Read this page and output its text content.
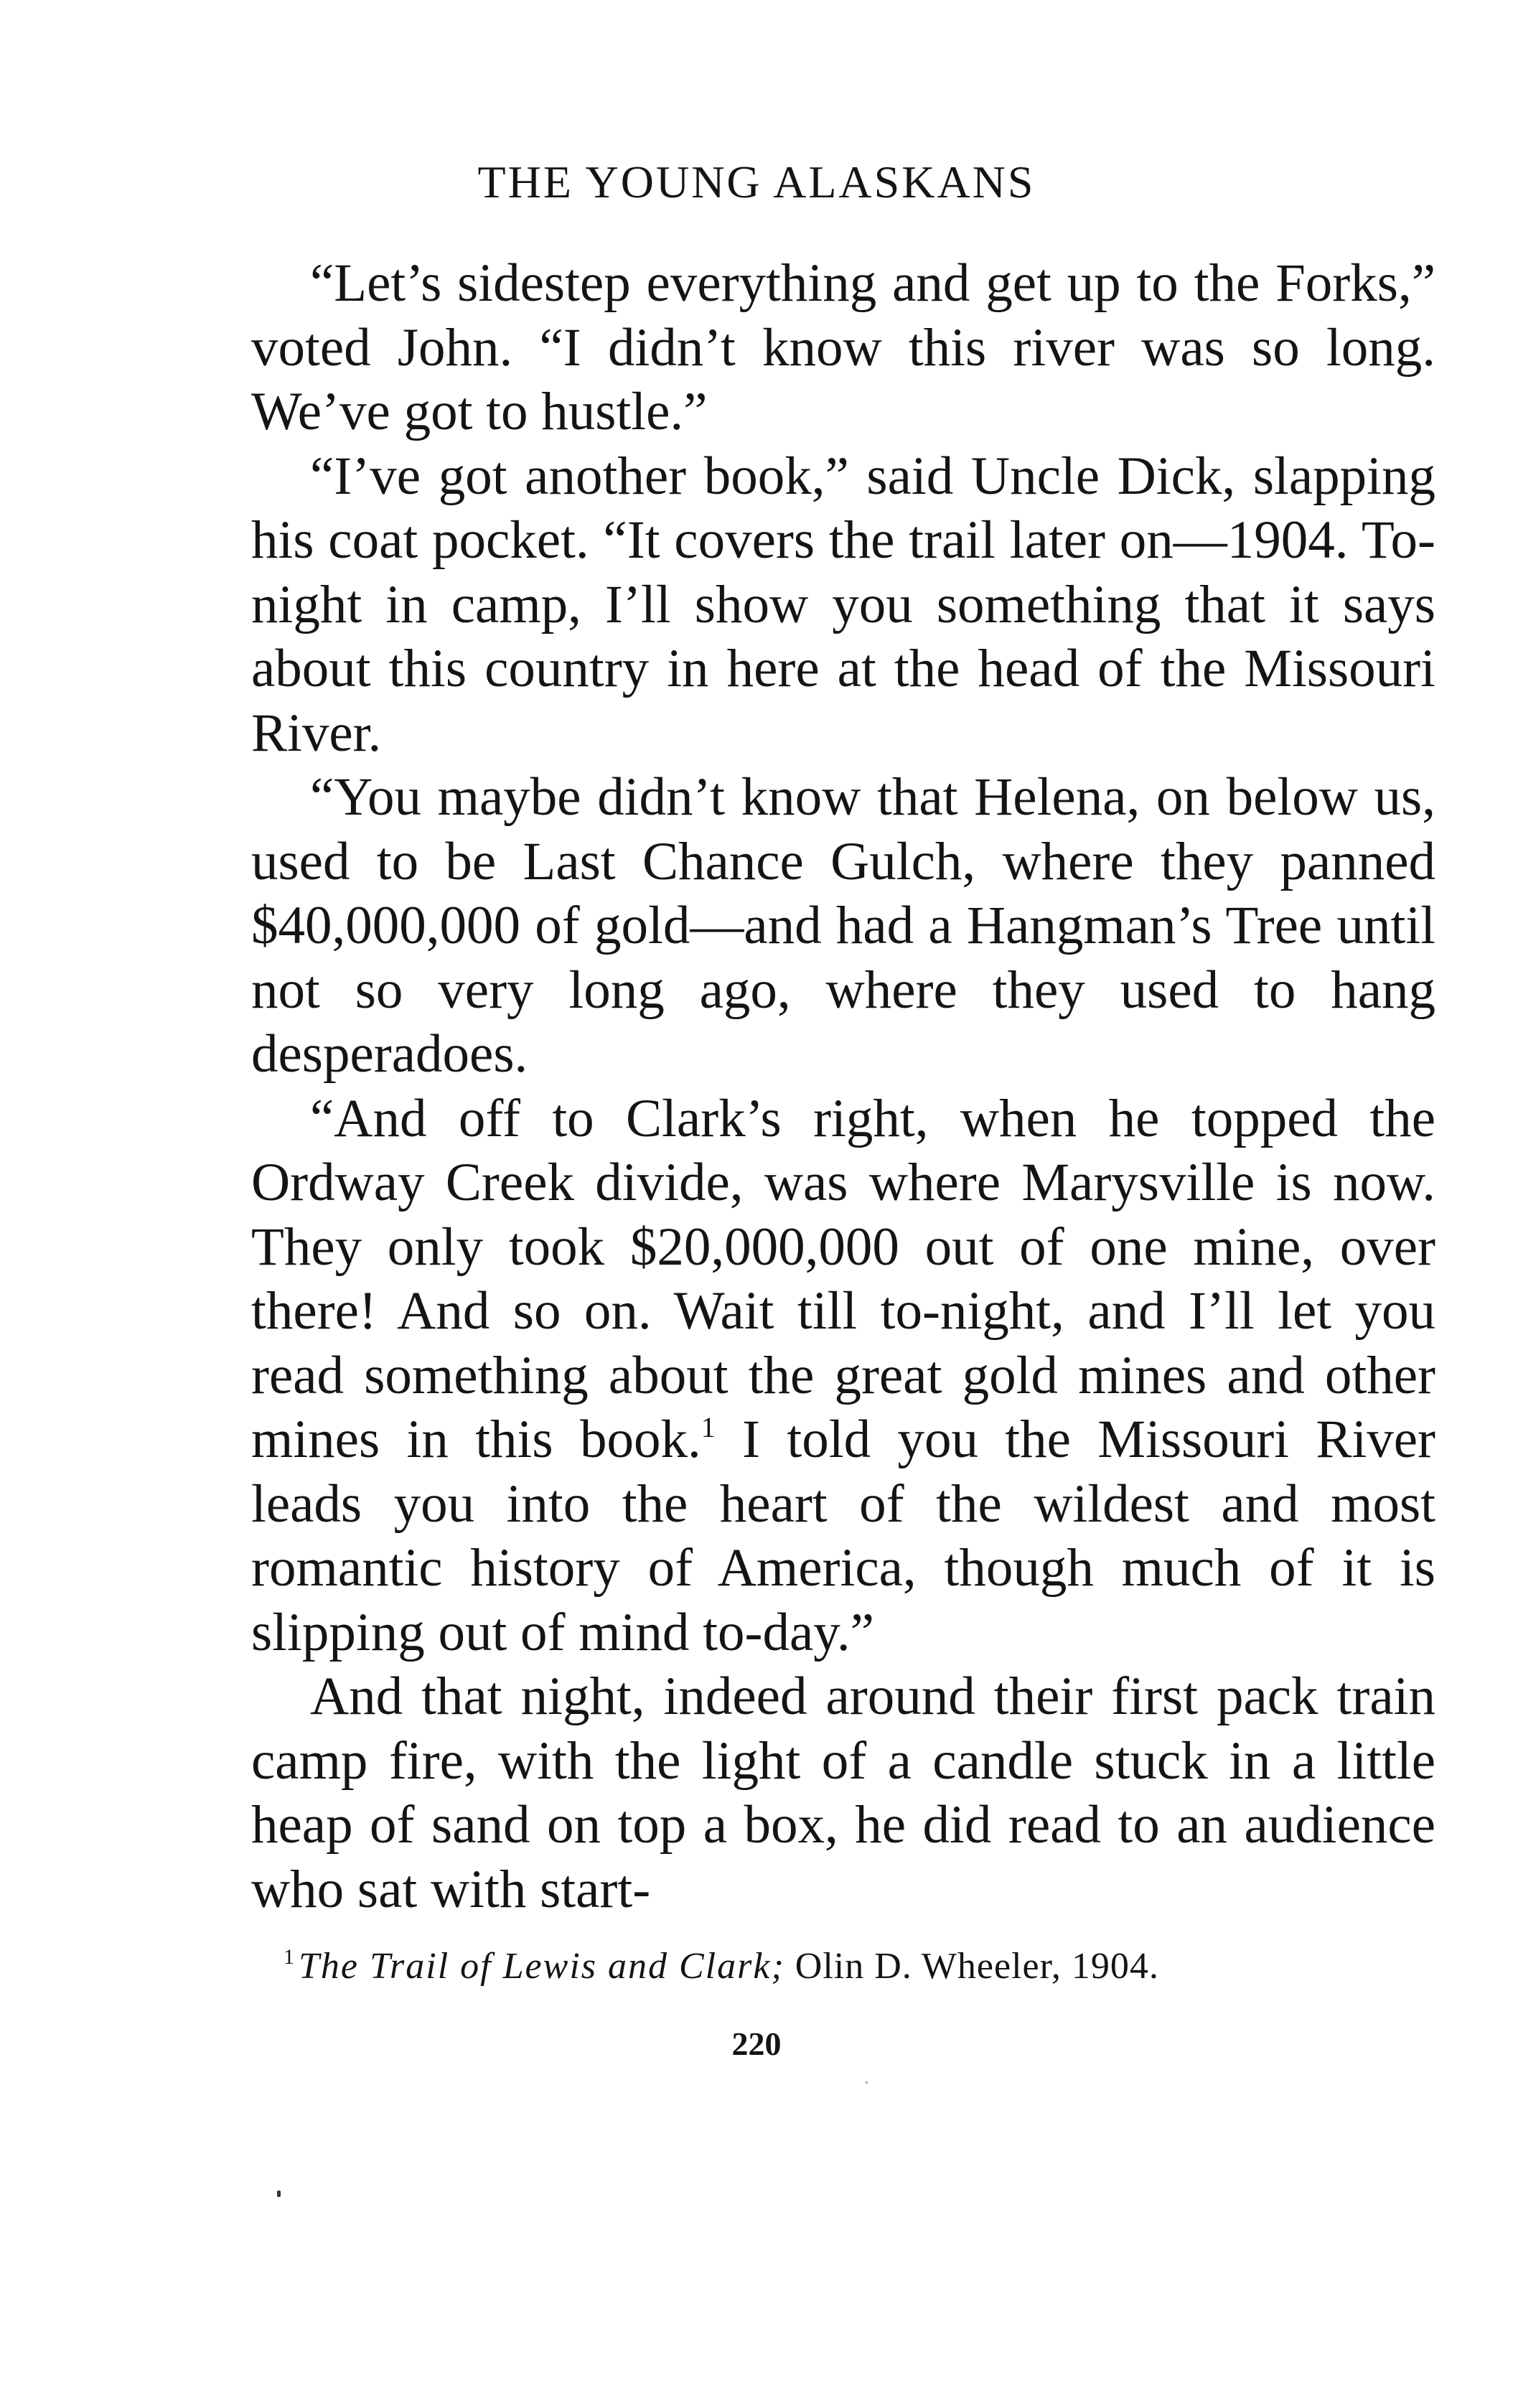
THE YOUNG ALASKANS

“Let’s sidestep everything and get up to the Forks,” voted John. “I didn’t know this river was so long. We’ve got to hustle.”

“I’ve got another book,” said Uncle Dick, slapping his coat pocket. “It covers the trail later on—1904. To-night in camp, I’ll show you something that it says about this country in here at the head of the Missouri River.

“You maybe didn’t know that Helena, on below us, used to be Last Chance Gulch, where they panned $40,000,000 of gold—and had a Hangman’s Tree until not so very long ago, where they used to hang desperadoes.

“And off to Clark’s right, when he topped the Ordway Creek divide, was where Marysville is now. They only took $20,000,000 out of one mine, over there! And so on. Wait till to-night, and I’ll let you read something about the great gold mines and other mines in this book.$^1$ I told you the Missouri River leads you into the heart of the wildest and most romantic history of America, though much of it is slipping out of mind to-day.”

And that night, indeed around their first pack train camp fire, with the light of a candle stuck in a little heap of sand on top a box, he did read to an audience who sat with start-

$^1$ The Trail of Lewis and Clark; Olin D. Wheeler, 1904.
220
